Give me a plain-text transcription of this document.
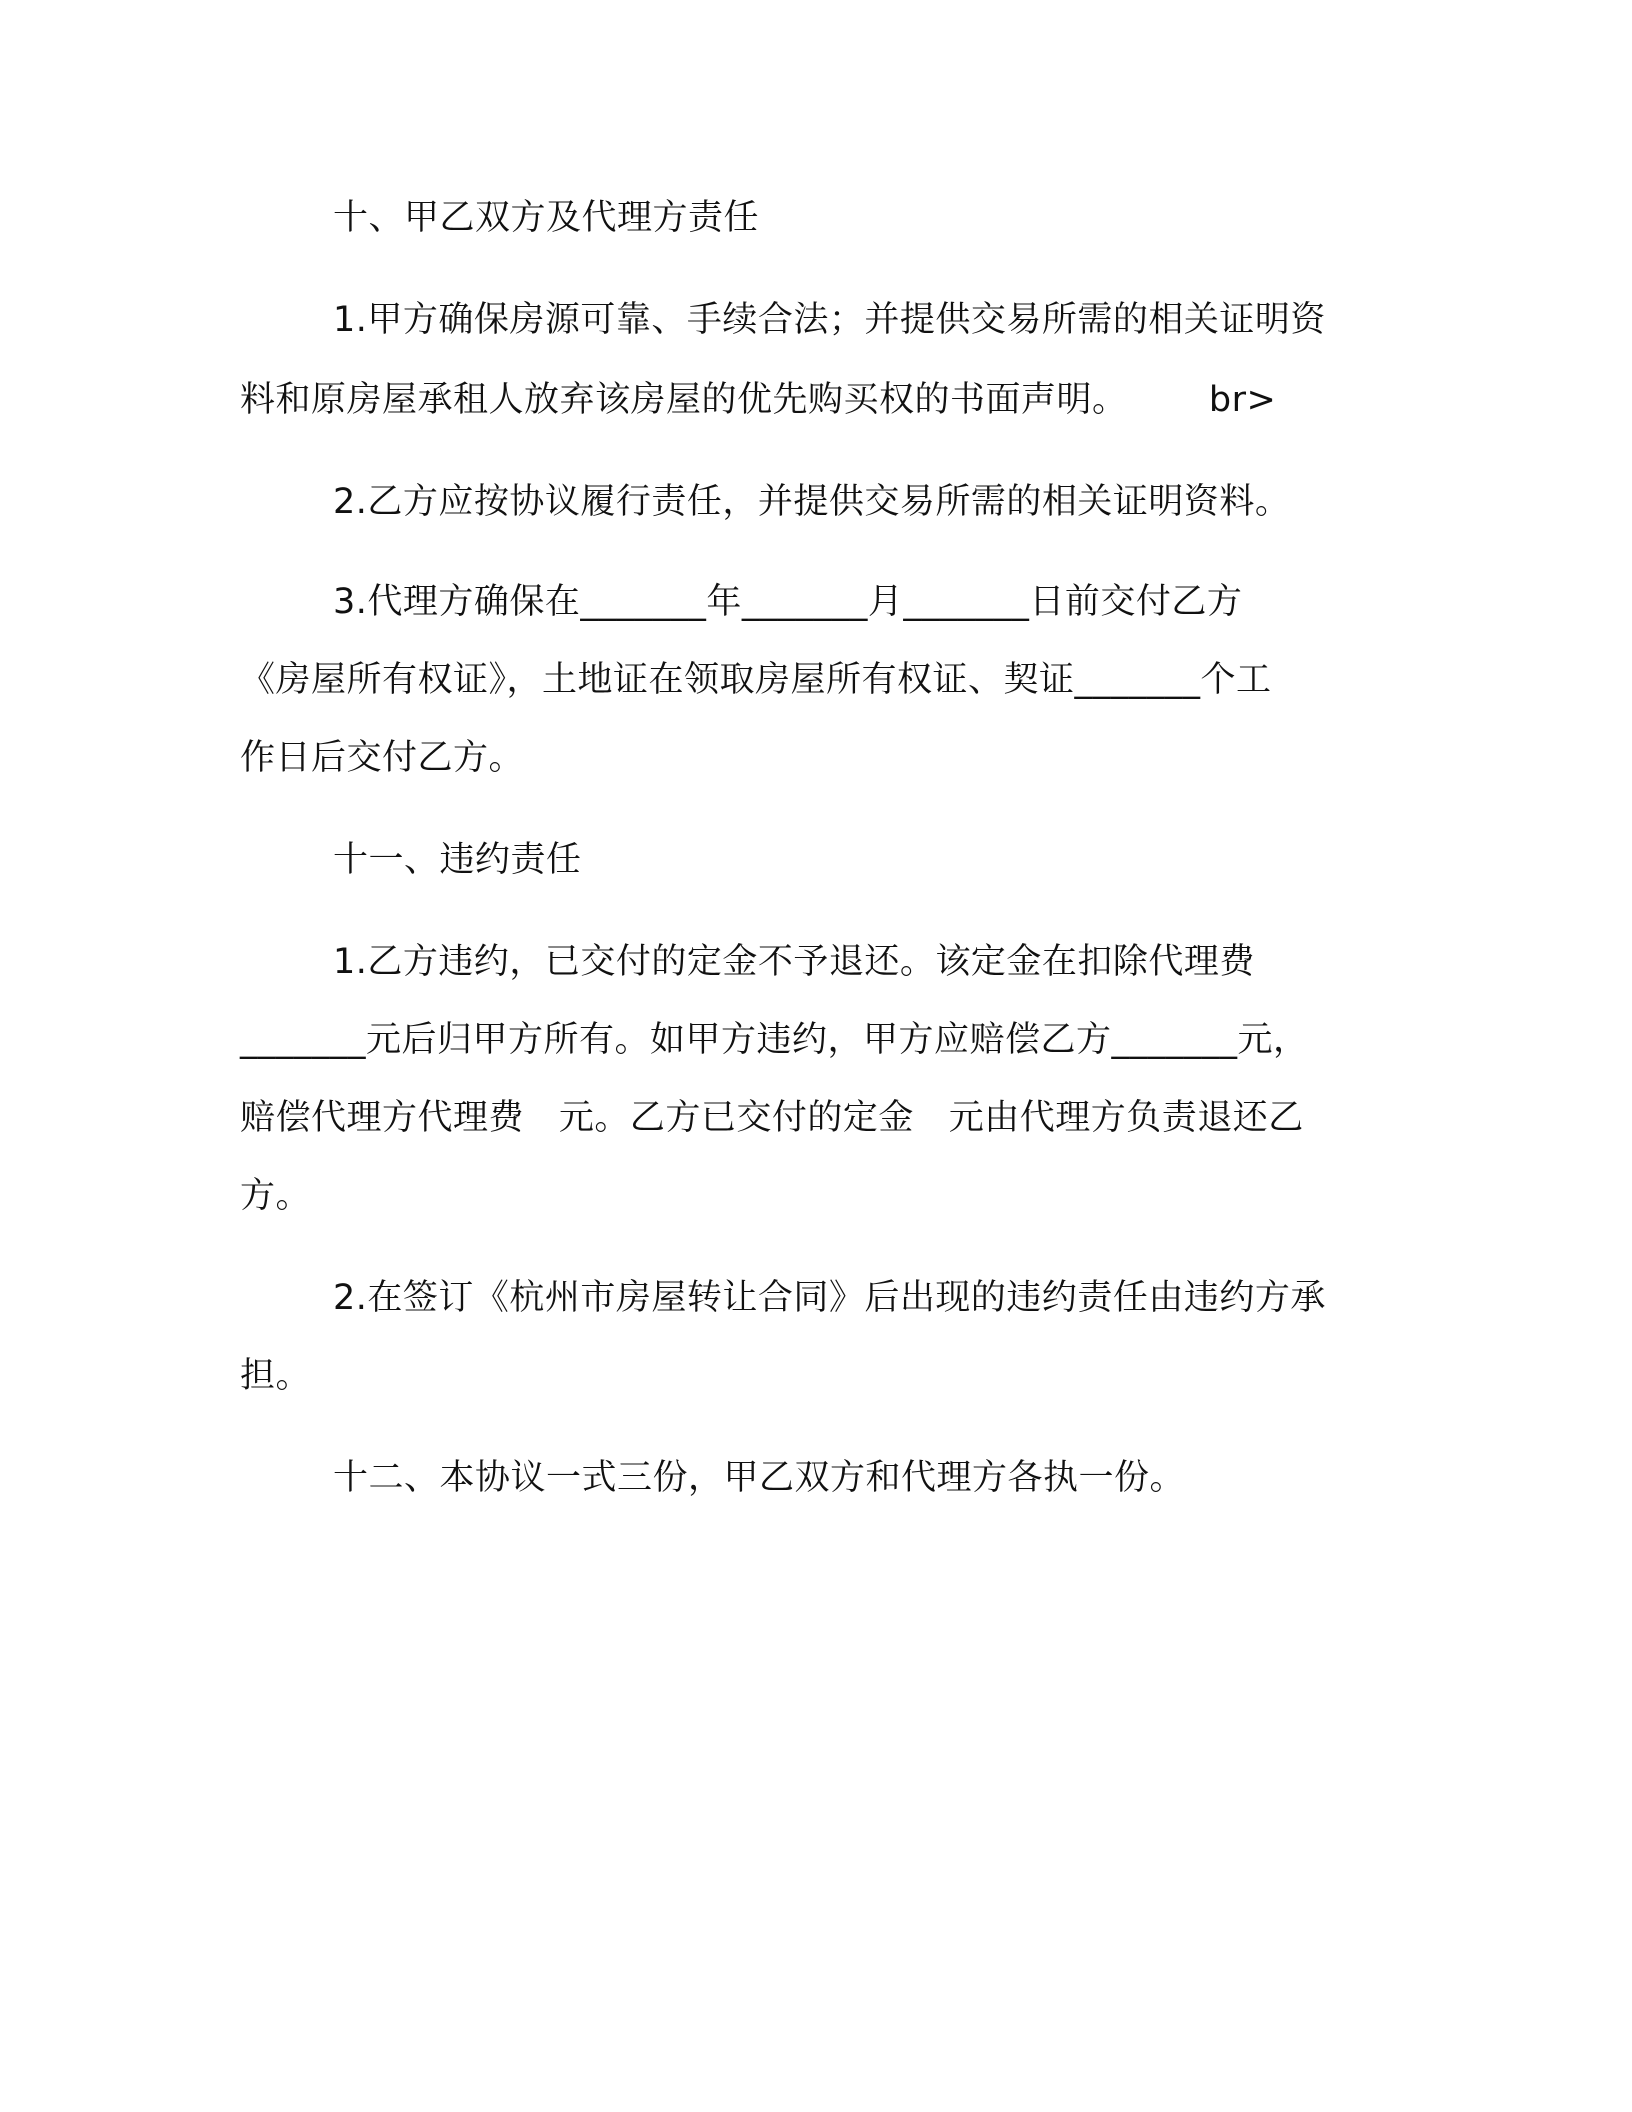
十、甲乙双方及代理方责任
1.甲方确保房源可靠、手续合法；并提供交易所需的相关证明资
料和原房屋承租人放弃该房屋的优先购买权的书面声明。       br>
2.乙方应按协议履行责任，并提供交易所需的相关证明资料。
3.代理方确保在_______年_______月_______日前交付乙方
《房屋所有权证》，土地证在领取房屋所有权证、契证_______个工
作日后交付乙方。
十一、违约责任
1.乙方违约，已交付的定金不予退还。该定金在扣除代理费
_______元后归甲方所有。如甲方违约，甲方应赔偿乙方_______元，
赔偿代理方代理费   元。乙方已交付的定金   元由代理方负责退还乙
方。
2.在签订《杭州市房屋转让合同》后出现的违约责任由违约方承
担。
十二、本协议一式三份，甲乙双方和代理方各执一份。
